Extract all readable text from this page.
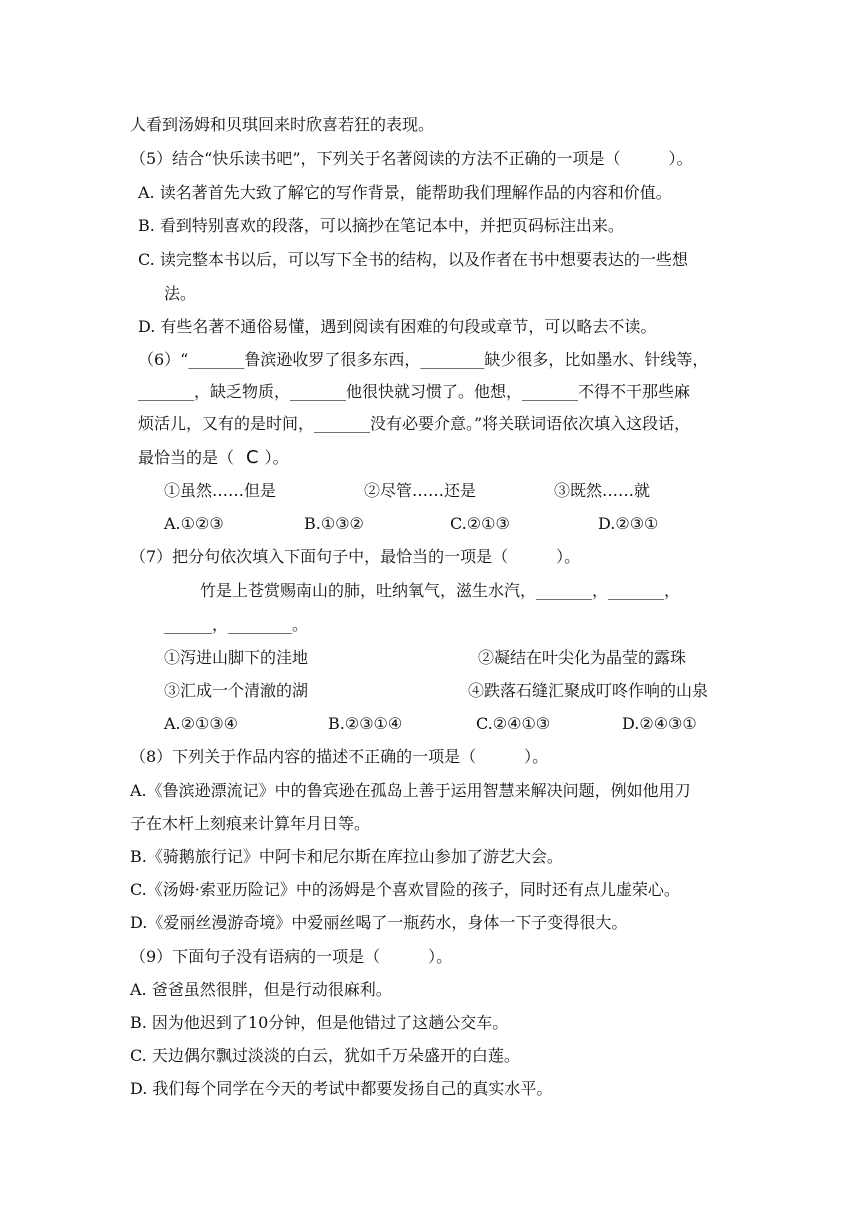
人看到汤姆和贝琪回来时欣喜若狂的表现。
（5）结合“快乐读书吧”，下列关于名著阅读的方法不正确的一项是（　　　）。
A. 读名著首先大致了解它的写作背景，能帮助我们理解作品的内容和价值。
B. 看到特别喜欢的段落，可以摘抄在笔记本中，并把页码标注出来。
C. 读完整本书以后，可以写下全书的结构，以及作者在书中想要表达的一些想
法。
D. 有些名著不通俗易懂，遇到阅读有困难的句段或章节，可以略去不读。
（6）“_______鲁滨逊收罗了很多东西，________缺少很多，比如墨水、针线等，
_______，缺乏物质，_______他很快就习惯了。他想，_______不得不干那些麻
烦活儿，又有的是时间，_______没有必要介意。”将关联词语依次填入这段话，
最恰当的是（ C ）。
①虽然……但是	②尽管……还是	③既然……就
A.①②③	B.①③②	C.②①③	D.②③①
（7）把分句依次填入下面句子中，最恰当的一项是（　　　）。
竹是上苍赏赐南山的肺，吐纳氧气，滋生水汽，_______，_______，
______，________。
①泻进山脚下的洼地	②凝结在叶尖化为晶莹的露珠
③汇成一个清澈的湖	④跌落石缝汇聚成叮咚作响的山泉
A.②①③④	B.②③①④	C.②④①③	D.②④③①
（8）下列关于作品内容的描述不正确的一项是（　　　）。
A.《鲁滨逊漂流记》中的鲁宾逊在孤岛上善于运用智慧来解决问题，例如他用刀
子在木杆上刻痕来计算年月日等。
B.《骑鹅旅行记》中阿卡和尼尔斯在库拉山参加了游艺大会。
C.《汤姆·索亚历险记》中的汤姆是个喜欢冒险的孩子，同时还有点儿虚荣心。
D.《爱丽丝漫游奇境》中爱丽丝喝了一瓶药水，身体一下子变得很大。
（9）下面句子没有语病的一项是（　　　）。
A. 爸爸虽然很胖，但是行动很麻利。
B. 因为他迟到了10分钟，但是他错过了这趟公交车。
C. 天边偶尔飘过淡淡的白云，犹如千万朵盛开的白莲。
D. 我们每个同学在今天的考试中都要发扬自己的真实水平。
